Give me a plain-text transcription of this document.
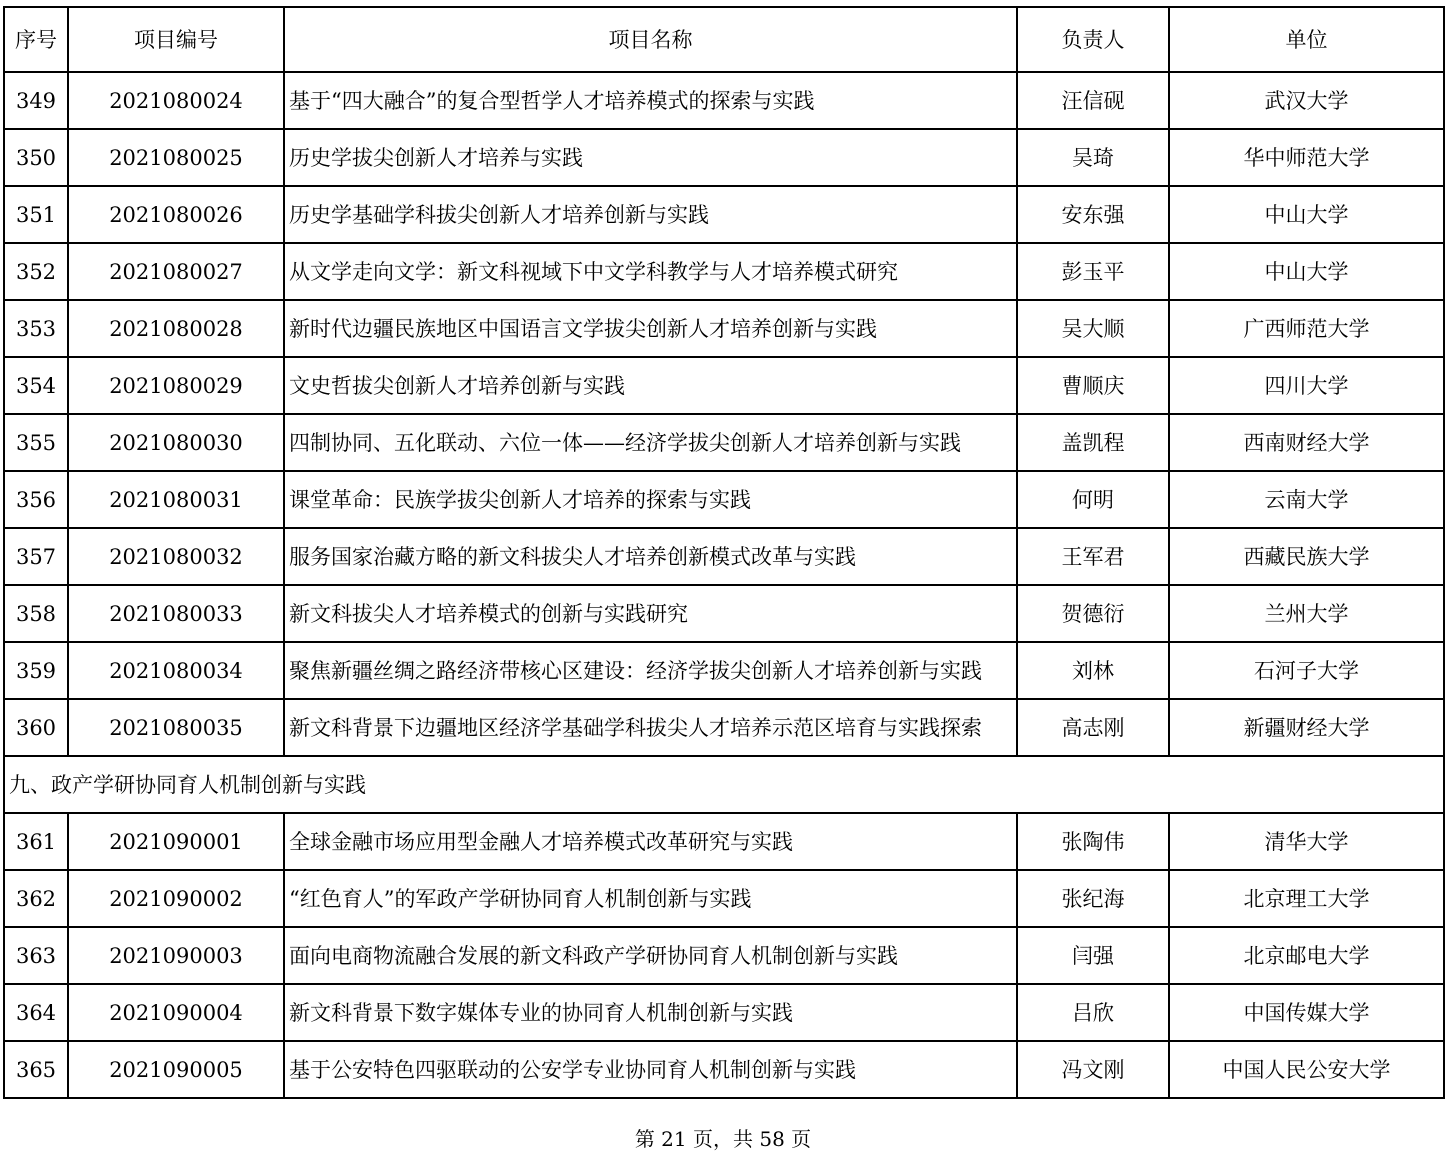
序号	项目编号	项目名称	负责人	单位
349	2021080024	基于“四大融合”的复合型哲学人才培养模式的探索与实践	汪信砚	武汉大学
350	2021080025	历史学拔尖创新人才培养与实践	吴琦	华中师范大学
351	2021080026	历史学基础学科拔尖创新人才培养创新与实践	安东强	中山大学
352	2021080027	从文学走向文学：新文科视域下中文学科教学与人才培养模式研究	彭玉平	中山大学
353	2021080028	新时代边疆民族地区中国语言文学拔尖创新人才培养创新与实践	吴大顺	广西师范大学
354	2021080029	文史哲拔尖创新人才培养创新与实践	曹顺庆	四川大学
355	2021080030	四制协同、五化联动、六位一体——经济学拔尖创新人才培养创新与实践	盖凯程	西南财经大学
356	2021080031	课堂革命：民族学拔尖创新人才培养的探索与实践	何明	云南大学
357	2021080032	服务国家治藏方略的新文科拔尖人才培养创新模式改革与实践	王军君	西藏民族大学
358	2021080033	新文科拔尖人才培养模式的创新与实践研究	贺德衍	兰州大学
359	2021080034	聚焦新疆丝绸之路经济带核心区建设：经济学拔尖创新人才培养创新与实践	刘林	石河子大学
360	2021080035	新文科背景下边疆地区经济学基础学科拔尖人才培养示范区培育与实践探索	高志刚	新疆财经大学
九、政产学研协同育人机制创新与实践				
361	2021090001	全球金融市场应用型金融人才培养模式改革研究与实践	张陶伟	清华大学
362	2021090002	“红色育人”的军政产学研协同育人机制创新与实践	张纪海	北京理工大学
363	2021090003	面向电商物流融合发展的新文科政产学研协同育人机制创新与实践	闫强	北京邮电大学
364	2021090004	新文科背景下数字媒体专业的协同育人机制创新与实践	吕欣	中国传媒大学
365	2021090005	基于公安特色四驱联动的公安学专业协同育人机制创新与实践	冯文刚	中国人民公安大学
第 21 页，共 58 页
